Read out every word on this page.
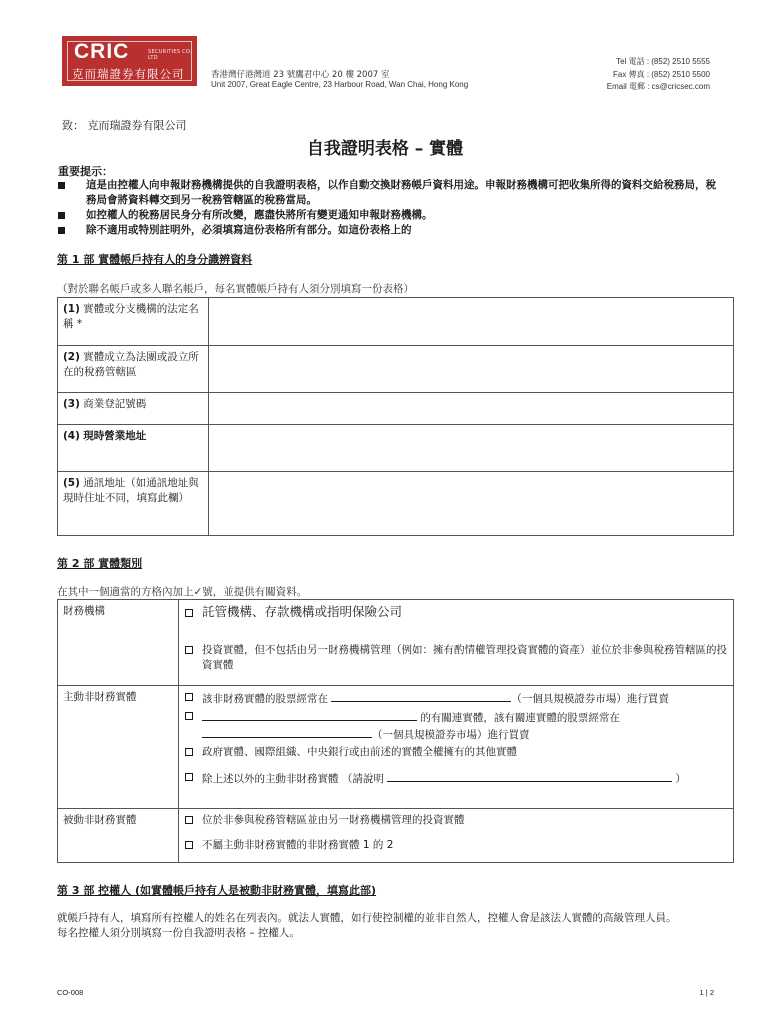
CRIC	SECURITIES CO. LTD
克而瑞證券有限公司	香港灣仔港灣道 23 號鷹君中心 20 樓 2007 室
Unit 2007, Great Eagle Centre, 23 Harbour Road, Wan Chai, Hong Kong
Tel 電話 : (852) 2510 5555
Fax 傳真 : (852) 2510 5500
Email 電郵 : cs@cricsec.com
致： 克而瑞證券有限公司
自我證明表格 – 實體
重要提示：
這是由控權人向申報財務機構提供的自我證明表格，以作自動交換財務帳戶資料用途。申報財務機構可把收集所得的資料交給稅務局，稅務局會將資料轉交到另一稅務管轄區的稅務當局。
如控權人的稅務居民身分有所改變，應盡快將所有變更通知申報財務機構。
除不適用或特別註明外，必須填寫這份表格所有部分。如這份表格上的
第 1 部 實體帳戶持有人的身分識辨資料
（對於聯名帳戶或多人聯名帳戶，每名實體帳戶持有人須分別填寫一份表格）
(1) 實體或分支機構的法定名稱 *	
(2) 實體成立為法團或設立所在的稅務管轄區	
(3) 商業登記號碼	
(4) 現時營業地址	
(5) 通訊地址（如通訊地址與現時住址不同，填寫此欄）	
第 2 部 實體類別
在其中一個適當的方格內加上✓號，並提供有關資料。
財務機構	託管機構、存款機構或指明保險公司
投資實體，但不包括由另一財務機構管理（例如：擁有酌情權管理投資實體的資產）並位於非參與稅務管轄區的投資實體

主動非財務實體	該非財務實體的股票經常在 （一個具規模證券市場）進行買賣
的有關連實體，該有關連實體的股票經常在
（一個具規模證券市場）進行買賣
政府實體、國際組織、中央銀行或由前述的實體全權擁有的其他實體
除上述以外的主動非財務實體 （請說明 ）

被動非財務實體	位於非參與稅務管轄區並由另一財務機構管理的投資實體
不屬主動非財務實體的非財務實體 1 的 2
第 3 部 控權人 (如實體帳戶持有人是被動非財務實體，填寫此部)
就帳戶持有人，填寫所有控權人的姓名在列表內。就法人實體，如行使控制權的並非自然人，控權人會是該法人實體的高級管理人員。
每名控權人須分別填寫一份自我證明表格 – 控權人。
CO-008	1 | 2
